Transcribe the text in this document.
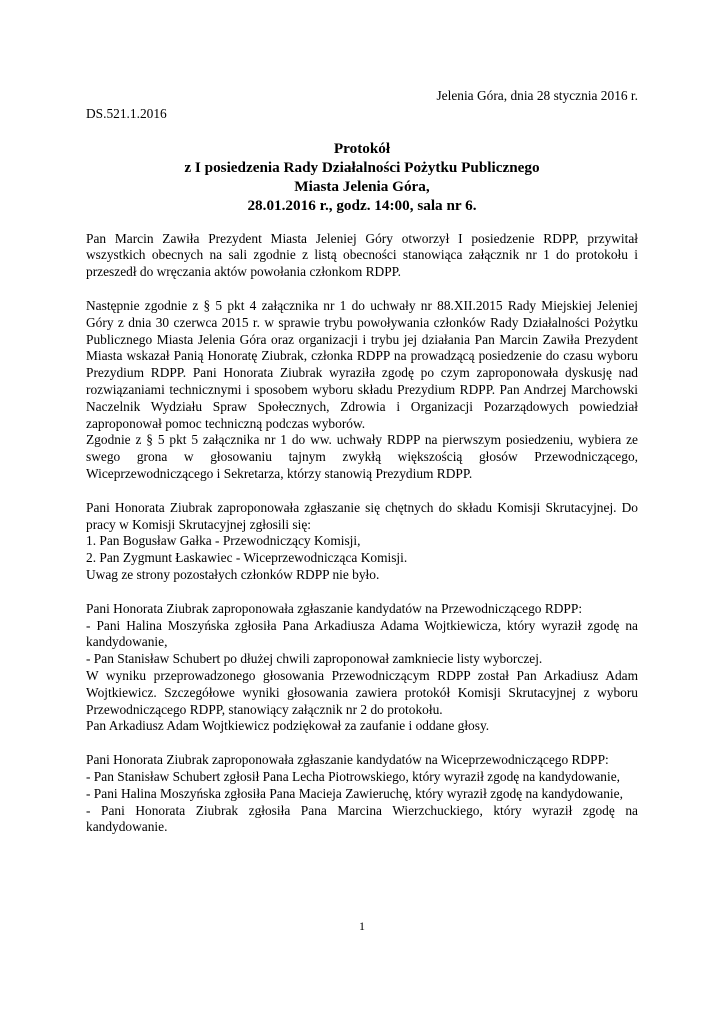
Jelenia Góra, dnia 28 stycznia 2016 r.

DS.521.1.2016

Protokół
z I posiedzenia Rady Działalności Pożytku Publicznego
Miasta Jelenia Góra,
28.01.2016 r., godz. 14:00, sala nr 6.

Pan Marcin Zawiła Prezydent Miasta Jeleniej Góry otworzył I posiedzenie RDPP, przywitał wszystkich obecnych na sali zgodnie z listą obecności stanowiąca załącznik nr 1 do protokołu i przeszedł do wręczania aktów powołania członkom RDPP.

Następnie zgodnie z § 5 pkt 4 załącznika nr 1 do uchwały nr 88.XII.2015 Rady Miejskiej Jeleniej Góry z dnia 30 czerwca 2015 r. w sprawie trybu powoływania członków Rady Działalności Pożytku Publicznego Miasta Jelenia Góra oraz organizacji i trybu jej działania Pan Marcin Zawiła Prezydent Miasta wskazał Panią Honoratę Ziubrak, członka RDPP na prowadzącą posiedzenie do czasu wyboru Prezydium RDPP. Pani Honorata Ziubrak wyraziła zgodę po czym zaproponowała dyskusję nad rozwiązaniami technicznymi i sposobem wyboru składu Prezydium RDPP. Pan Andrzej Marchowski Naczelnik Wydziału Spraw Społecznych, Zdrowia i Organizacji Pozarządowych powiedział zaproponował pomoc techniczną podczas wyborów.

Zgodnie z § 5 pkt 5 załącznika nr 1 do ww. uchwały RDPP na pierwszym posiedzeniu, wybiera ze swego grona w głosowaniu tajnym zwykłą większością głosów Przewodniczącego, Wiceprzewodniczącego i Sekretarza, którzy stanowią Prezydium RDPP.

Pani Honorata Ziubrak zaproponowała zgłaszanie się chętnych do składu Komisji Skrutacyjnej. Do pracy w Komisji Skrutacyjnej zgłosili się:

1. Pan Bogusław Gałka - Przewodniczący Komisji,
2. Pan Zygmunt Łaskawiec - Wiceprzewodnicząca Komisji.
Uwag ze strony pozostałych członków RDPP nie było.

Pani Honorata Ziubrak zaproponowała zgłaszanie kandydatów na Przewodniczącego RDPP:

- Pani Halina Moszyńska zgłosiła Pana Arkadiusza Adama Wojtkiewicza, który wyraził zgodę na kandydowanie,

- Pan Stanisław Schubert po dłużej chwili zaproponował zamkniecie listy wyborczej.

W wyniku przeprowadzonego głosowania Przewodniczącym RDPP został Pan Arkadiusz Adam Wojtkiewicz. Szczegółowe wyniki głosowania zawiera protokół Komisji Skrutacyjnej z wyboru Przewodniczącego RDPP, stanowiący załącznik nr 2 do protokołu.

Pan Arkadiusz Adam Wojtkiewicz podziękował za zaufanie i oddane głosy.

Pani Honorata Ziubrak zaproponowała zgłaszanie kandydatów na Wiceprzewodniczącego RDPP:

- Pan Stanisław Schubert zgłosił Pana Lecha Piotrowskiego, który wyraził zgodę na kandydowanie,

- Pani Halina Moszyńska zgłosiła Pana Macieja Zawieruchę, który wyraził zgodę na kandydowanie,

- Pani Honorata Ziubrak zgłosiła Pana Marcina Wierzchuckiego, który wyraził zgodę na kandydowanie.

1
